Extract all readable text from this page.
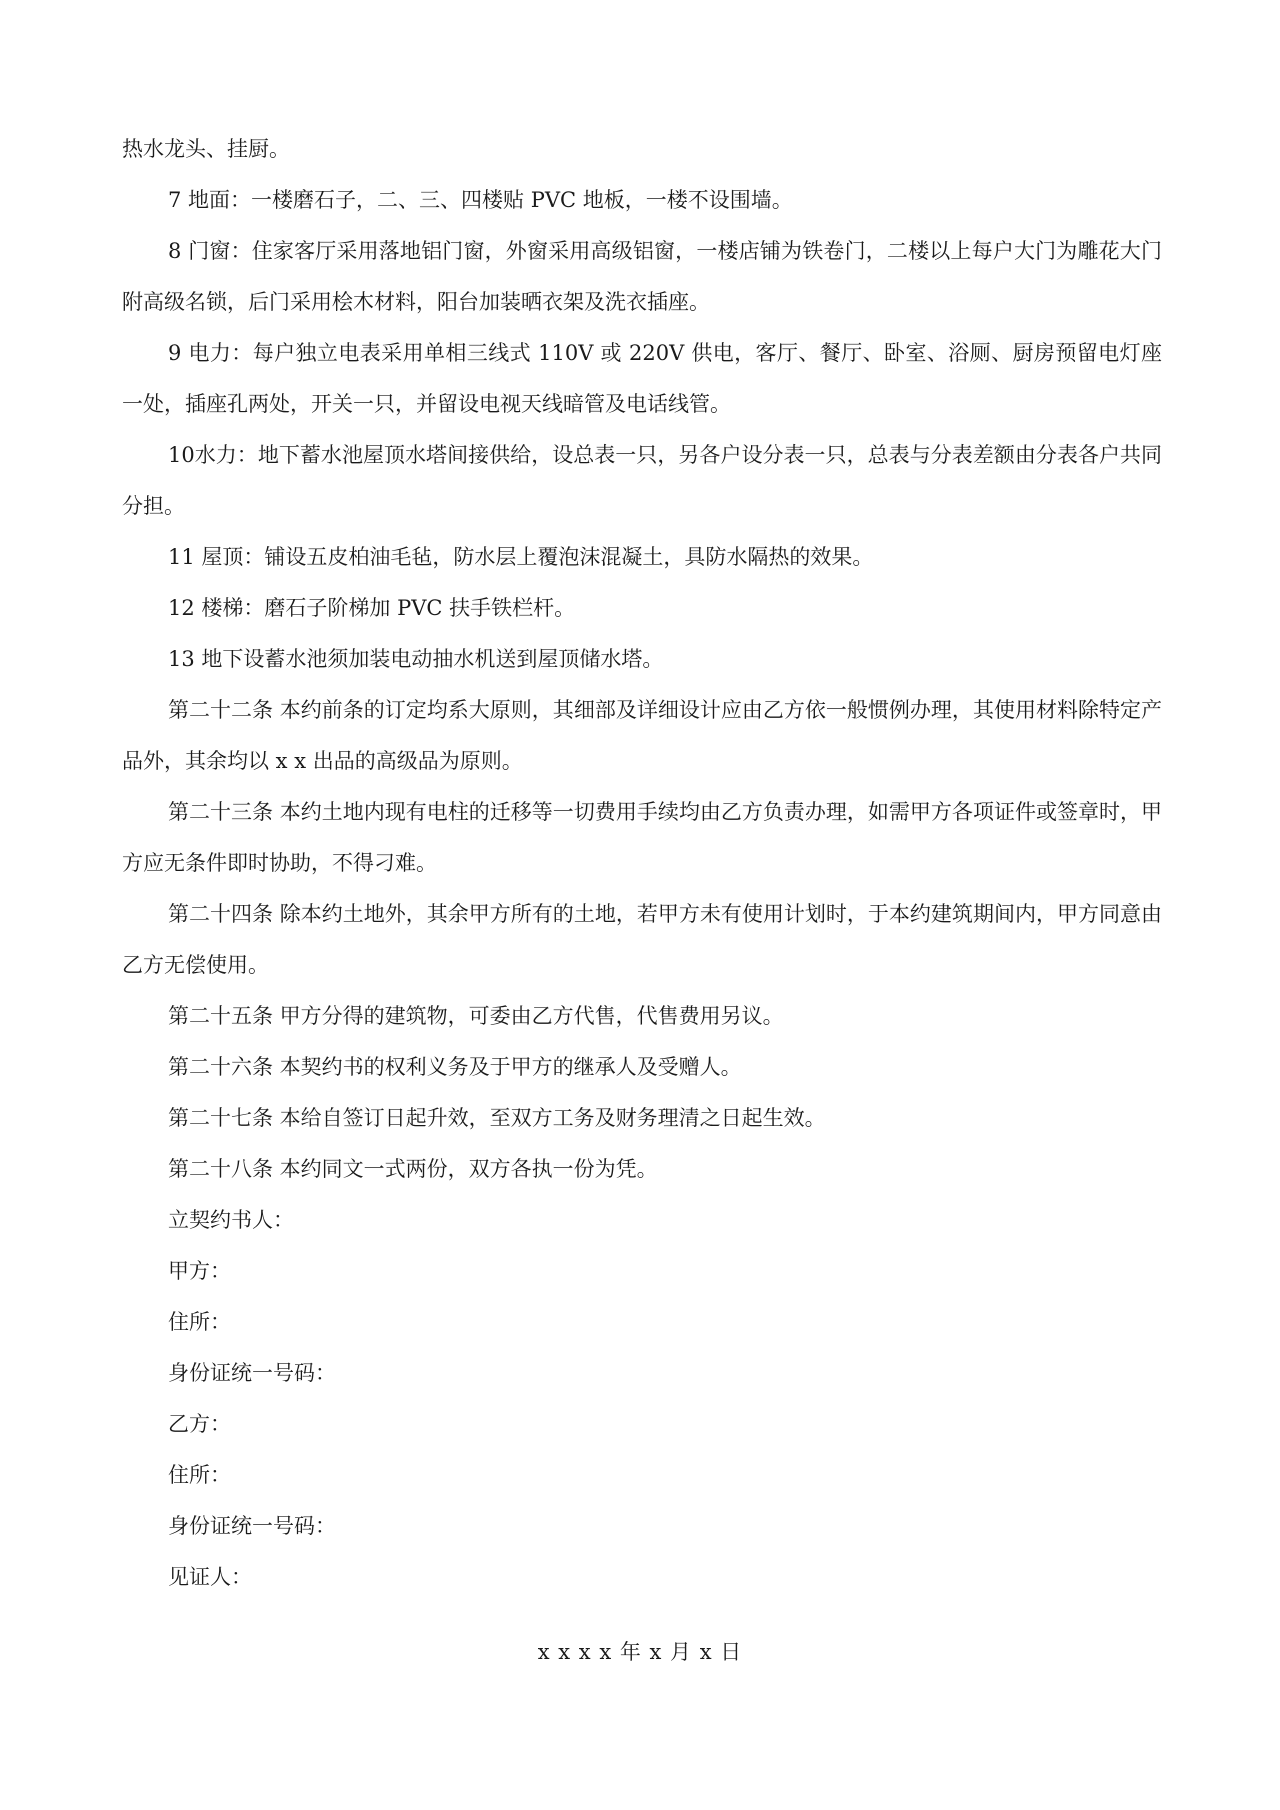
热水龙头、挂厨。

7 地面：一楼磨石子，二、三、四楼贴 PVC 地板，一楼不设围墙。

8 门窗：住家客厅采用落地铝门窗，外窗采用高级铝窗，一楼店铺为铁卷门，二楼以上每户大门为雕花大门附高级名锁，后门采用桧木材料，阳台加装晒衣架及洗衣插座。

9 电力：每户独立电表采用单相三线式 110V 或 220V 供电，客厅、餐厅、卧室、浴厕、厨房预留电灯座一处，插座孔两处，开关一只，并留设电视天线暗管及电话线管。

10水力：地下蓄水池屋顶水塔间接供给，设总表一只，另各户设分表一只，总表与分表差额由分表各户共同分担。

11 屋顶：铺设五皮柏油毛毡，防水层上覆泡沫混凝土，具防水隔热的效果。

12 楼梯：磨石子阶梯加 PVC 扶手铁栏杆。

13 地下设蓄水池须加装电动抽水机送到屋顶储水塔。

第二十二条 本约前条的订定均系大原则，其细部及详细设计应由乙方依一般惯例办理，其使用材料除特定产品外，其余均以 x x 出品的高级品为原则。

第二十三条 本约土地内现有电柱的迁移等一切费用手续均由乙方负责办理，如需甲方各项证件或签章时，甲方应无条件即时协助，不得刁难。

第二十四条 除本约土地外，其余甲方所有的土地，若甲方未有使用计划时，于本约建筑期间内，甲方同意由乙方无偿使用。

第二十五条 甲方分得的建筑物，可委由乙方代售，代售费用另议。

第二十六条 本契约书的权利义务及于甲方的继承人及受赠人。

第二十七条 本给自签订日起升效，至双方工务及财务理清之日起生效。

第二十八条 本约同文一式两份，双方各执一份为凭。

立契约书人：

甲方：

住所：

身份证统一号码：

乙方：

住所：

身份证统一号码：

见证人：

x x x x 年 x 月 x 日
